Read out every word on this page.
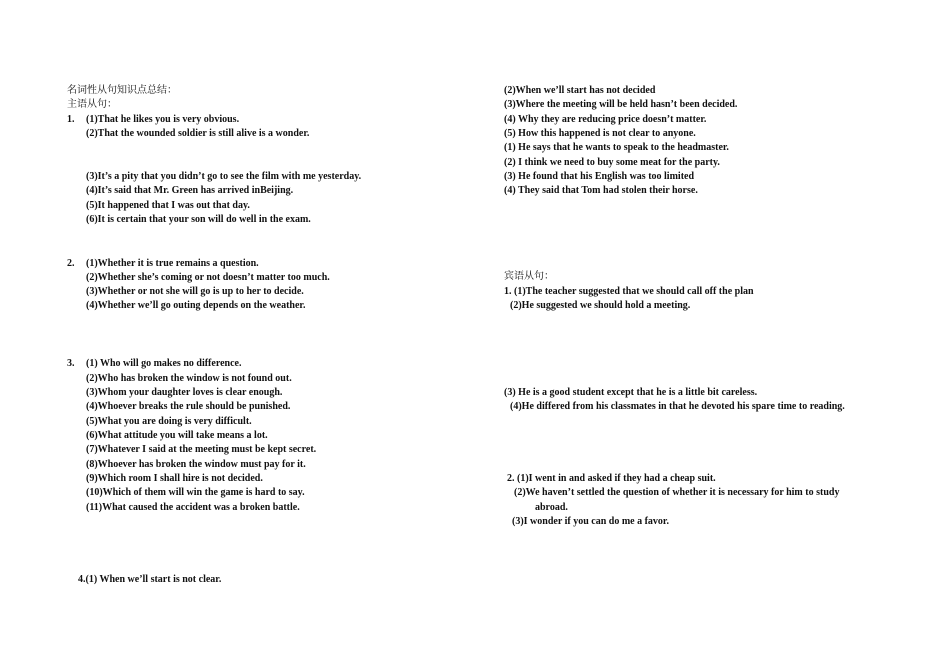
名词性从句知识点总结：
主语从句：
1. (1)That he likes you is very obvious.
(2)That the wounded soldier is still alive is a wonder.
(3)It’s a pity that you didn’t go to see the film with me yesterday.
(4)It’s said that Mr. Green has arrived inBeijing.
(5)It happened that I was out that day.
(6)It is certain that your son will do well in the exam.
2. (1)Whether it is true remains a question.
(2)Whether she’s coming or not doesn’t matter too much.
(3)Whether or not she will go is up to her to decide.
(4)Whether we’ll go outing depends on the weather.
3. (1) Who will go makes no difference.
(2)Who has broken the window is not found out.
(3)Whom your daughter loves is clear enough.
(4)Whoever breaks the rule should be punished.
(5)What you are doing is very difficult.
(6)What attitude you will take means a lot.
(7)Whatever I said at the meeting must be kept secret.
(8)Whoever has broken the window must pay for it.
(9)Which room I shall hire is not decided.
(10)Which of them will win the game is hard to say.
(11)What caused the accident was a broken battle.
4.(1) When we’ll start is not clear.
(2)When we’ll start has not decided
(3)Where the meeting will be held hasn’t been decided.
(4) Why they are reducing price doesn’t matter.
(5) How this happened is not clear to anyone.
(1) He says that he wants to speak to the headmaster.
(2) I think we need to buy some meat for the party.
(3) He found that his English was too limited
(4) They said that Tom had stolen their horse.
宾语从句：
1. (1)The teacher suggested that we should call off the plan
(2)He suggested we should hold a meeting.
(3) He is a good student except that he is a little bit careless.
(4)He differed from his classmates in that he devoted his spare time to reading.
2. (1)I went in and asked if they had a cheap suit.
(2)We haven’t settled the question of whether it is necessary for him to study
abroad.
(3)I wonder if you can do me a favor.
